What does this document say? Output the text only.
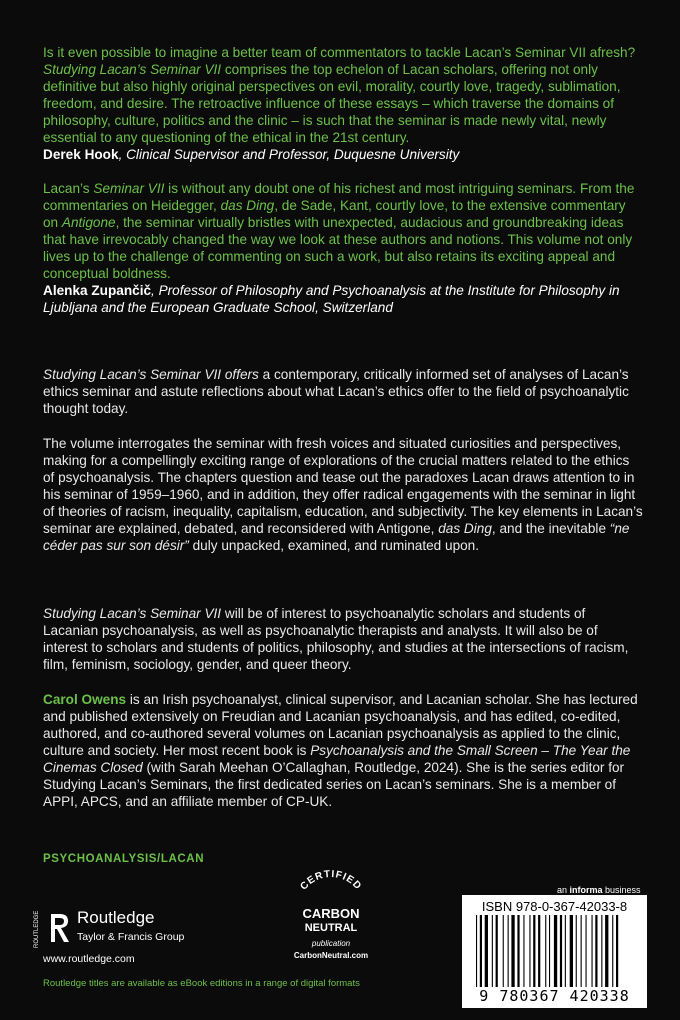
Is it even possible to imagine a better team of commentators to tackle Lacan’s Seminar VII afresh? Studying Lacan’s Seminar VII comprises the top echelon of Lacan scholars, offering not only definitive but also highly original perspectives on evil, morality, courtly love, tragedy, sublimation, freedom, and desire. The retroactive influence of these essays – which traverse the domains of philosophy, culture, politics and the clinic – is such that the seminar is made newly vital, newly essential to any questioning of the ethical in the 21st century.

Derek Hook, Clinical Supervisor and Professor, Duquesne University

Lacan’s Seminar VII is without any doubt one of his richest and most intriguing seminars. From the commentaries on Heidegger, das Ding, de Sade, Kant, courtly love, to the extensive commentary on Antigone, the seminar virtually bristles with unexpected, audacious and groundbreaking ideas that have irrevocably changed the way we look at these authors and notions. This volume not only lives up to the challenge of commenting on such a work, but also retains its exciting appeal and conceptual boldness.

Alenka Zupančič, Professor of Philosophy and Psychoanalysis at the Institute for Philosophy in Ljubljana and the European Graduate School, Switzerland

Studying Lacan’s Seminar VII offers a contemporary, critically informed set of analyses of Lacan’s ethics seminar and astute reflections about what Lacan’s ethics offer to the field of psychoanalytic thought today.

The volume interrogates the seminar with fresh voices and situated curiosities and perspectives, making for a compellingly exciting range of explorations of the crucial matters related to the ethics of psychoanalysis. The chapters question and tease out the paradoxes Lacan draws attention to in his seminar of 1959–1960, and in addition, they offer radical engagements with the seminar in light of theories of racism, inequality, capitalism, education, and subjectivity. The key elements in Lacan’s seminar are explained, debated, and reconsidered with Antigone, das Ding, and the inevitable “ne céder pas sur son désir” duly unpacked, examined, and ruminated upon.

Studying Lacan’s Seminar VII will be of interest to psychoanalytic scholars and students of Lacanian psychoanalysis, as well as psychoanalytic therapists and analysts. It will also be of interest to scholars and students of politics, philosophy, and studies at the intersections of racism, film, feminism, sociology, gender, and queer theory.

Carol Owens is an Irish psychoanalyst, clinical supervisor, and Lacanian scholar. She has lectured and published extensively on Freudian and Lacanian psychoanalysis, and has edited, co-edited, authored, and co-authored several volumes on Lacanian psychoanalysis as applied to the clinic, culture and society. Her most recent book is Psychoanalysis and the Small Screen – The Year the Cinemas Closed (with Sarah Meehan O’Callaghan, Routledge, 2024). She is the series editor for Studying Lacan’s Seminars, the first dedicated series on Lacan’s seminars. She is a member of APPI, APCS, and an affiliate member of CP-UK.

PSYCHOANALYSIS/LACAN
ROUTLEDGE Routledge
Taylor & Francis Group
www.routledge.com
CERTIFIED
CARBON
NEUTRAL
publication
CarbonNeutral.com
an informa business
ISBN 978-0-367-42033-8
9 780367 420338
Routledge titles are available as eBook editions in a range of digital formats
